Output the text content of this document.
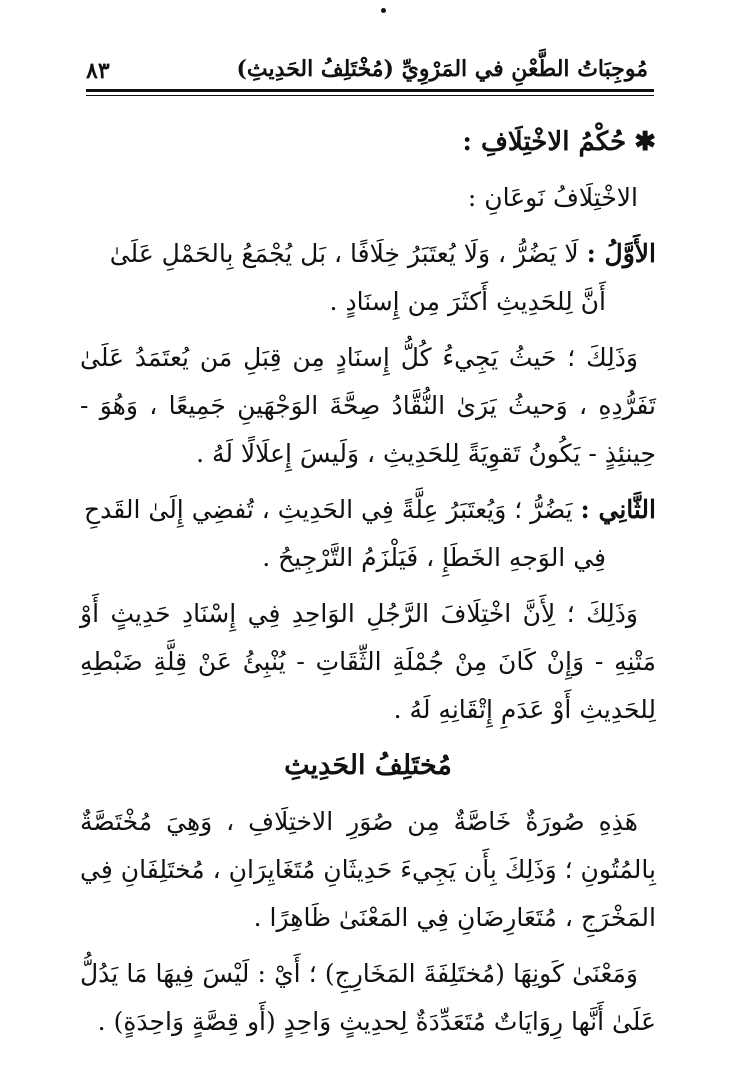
٨٣	مُوجِبَاتُ الطَّعْنِ في المَرْوِيِّ (مُخْتَلِفُ الحَدِيثِ)

✱حُكْمُ الاخْتِلَافِ :

الاخْتِلَافُ نَوعَانِ :

الأَوَّلُ : لَا يَضُرُّ ، وَلَا يُعتَبَرُ خِلَافًا ، بَل يُجْمَعُ بِالحَمْلِ عَلَىٰ
أَنَّ لِلحَدِيثِ أَكثَرَ مِن إِسنَادٍ .

وَذَلِكَ ؛ حَيثُ يَجِيءُ كُلُّ إِسنَادٍ مِن قِبَلِ مَن يُعتَمَدُ عَلَىٰ تَفَرُّدِهِ ، وَحيثُ يَرَىٰ النُّقَّادُ صِحَّةَ الوَجْهَينِ جَمِيعًا ، وَهُوَ - حِينئِذٍ - يَكُونُ تَقوِيَةً لِلحَدِيثِ ، وَلَيسَ إِعلَالًا لَهُ .

الثَّانِي : يَضُرُّ ؛ وَيُعتَبَرُ عِلَّةً فِي الحَدِيثِ ، تُفضِي إِلَىٰ القَدحِ
فِي الوَجهِ الخَطَإِ ، فَيَلْزَمُ التَّرْجِيحُ .

وَذَلِكَ ؛ لِأَنَّ اخْتِلَافَ الرَّجُلِ الوَاحِدِ فِي إِسْنَادِ حَدِيثٍ أَوْ مَتْنِهِ - وَإِنْ كَانَ مِنْ جُمْلَةِ الثِّقَاتِ - يُنْبِئُ عَنْ قِلَّةِ ضَبْطِهِ لِلحَدِيثِ أَوْ عَدَمِ إِتْقَانِهِ لَهُ .

مُختَلِفُ الحَدِيثِ

هَذِهِ صُورَةٌ خَاصَّةٌ مِن صُوَرِ الاختِلَافِ ، وَهِيَ مُخْتَصَّةٌ بِالمُتُونِ ؛ وَذَلِكَ بِأَن يَجِيءَ حَدِيثَانِ مُتَغَايِرَانِ ، مُختَلِفَانِ فِي المَخْرَجِ ، مُتَعَارِضَانِ فِي المَعْنَىٰ ظَاهِرًا .

وَمَعْنَىٰ كَونِهَا (مُختَلِفَةَ المَخَارِجِ) ؛ أَيْ : لَيْسَ فِيهَا مَا يَدُلُّ عَلَىٰ أَنَّها رِوَايَاتٌ مُتَعَدِّدَةٌ لِحدِيثٍ وَاحِدٍ (أَو قِصَّةٍ وَاحِدَةٍ) .
